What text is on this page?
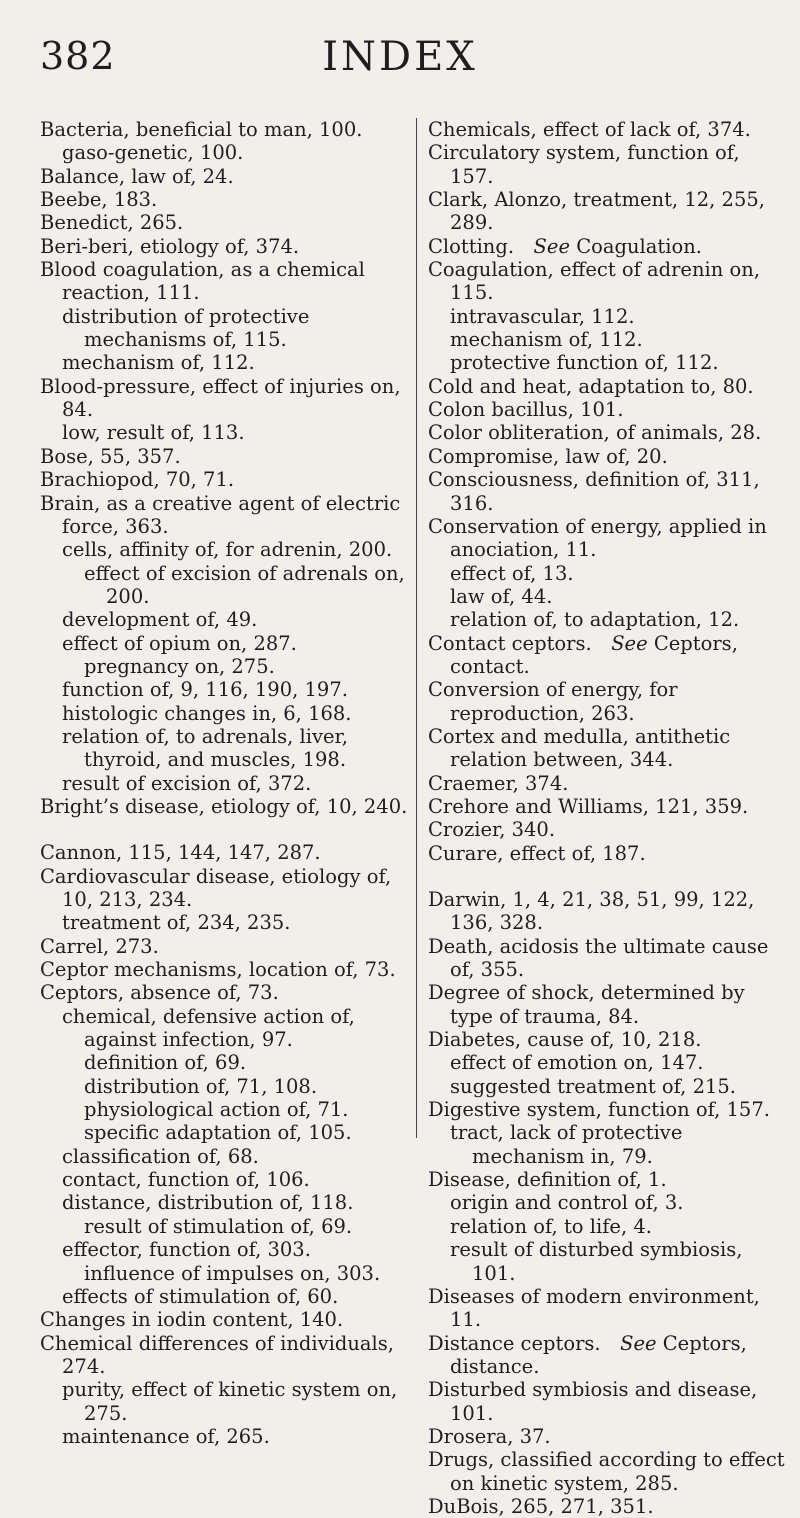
382	INDEX

Bacteria, beneficial to man, 100.

gaso-genetic, 100.

Balance, law of, 24.

Beebe, 183.

Benedict, 265.

Beri-beri, etiology of, 374.

Blood coagulation, as a chemical reaction, 111.

distribution of protective mechanisms of, 115.

mechanism of, 112.

Blood-pressure, effect of injuries on, 84.

low, result of, 113.

Bose, 55, 357.

Brachiopod, 70, 71.

Brain, as a creative agent of electric force, 363.

cells, affinity of, for adrenin, 200.

effect of excision of adrenals on, 200.

development of, 49.

effect of opium on, 287.

pregnancy on, 275.

function of, 9, 116, 190, 197.

histologic changes in, 6, 168.

relation of, to adrenals, liver, thyroid, and muscles, 198.

result of excision of, 372.

Bright’s disease, etiology of, 10, 240.

Cannon, 115, 144, 147, 287.

Cardiovascular disease, etiology of, 10, 213, 234.

treatment of, 234, 235.

Carrel, 273.

Ceptor mechanisms, location of, 73.

Ceptors, absence of, 73.

chemical, defensive action of, against infection, 97.

definition of, 69.

distribution of, 71, 108.

physiological action of, 71.

specific adaptation of, 105.

classification of, 68.

contact, function of, 106.

distance, distribution of, 118.

result of stimulation of, 69.

effector, function of, 303.

influence of impulses on, 303.

effects of stimulation of, 60.

Changes in iodin content, 140.

Chemical differences of individuals, 274.

purity, effect of kinetic system on, 275.

maintenance of, 265.

Chemicals, effect of lack of, 374.

Circulatory system, function of, 157.

Clark, Alonzo, treatment, 12, 255, 289.

Clotting.  See Coagulation.

Coagulation, effect of adrenin on, 115.

intravascular, 112.

mechanism of, 112.

protective function of, 112.

Cold and heat, adaptation to, 80.

Colon bacillus, 101.

Color obliteration, of animals, 28.

Compromise, law of, 20.

Consciousness, definition of, 311, 316.

Conservation of energy, applied in anociation, 11.

effect of, 13.

law of, 44.

relation of, to adaptation, 12.

Contact ceptors.  See Ceptors, contact.

Conversion of energy, for reproduction, 263.

Cortex and medulla, antithetic relation between, 344.

Craemer, 374.

Crehore and Williams, 121, 359.

Crozier, 340.

Curare, effect of, 187.

Darwin, 1, 4, 21, 38, 51, 99, 122, 136, 328.

Death, acidosis the ultimate cause of, 355.

Degree of shock, determined by type of trauma, 84.

Diabetes, cause of, 10, 218.

effect of emotion on, 147.

suggested treatment of, 215.

Digestive system, function of, 157.

tract, lack of protective mechanism in, 79.

Disease, definition of, 1.

origin and control of, 3.

relation of, to life, 4.

result of disturbed symbiosis, 101.

Diseases of modern environment, 11.

Distance ceptors.  See Ceptors, distance.

Disturbed symbiosis and disease, 101.

Drosera, 37.

Drugs, classified according to effect on kinetic system, 285.

DuBois, 265, 271, 351.
